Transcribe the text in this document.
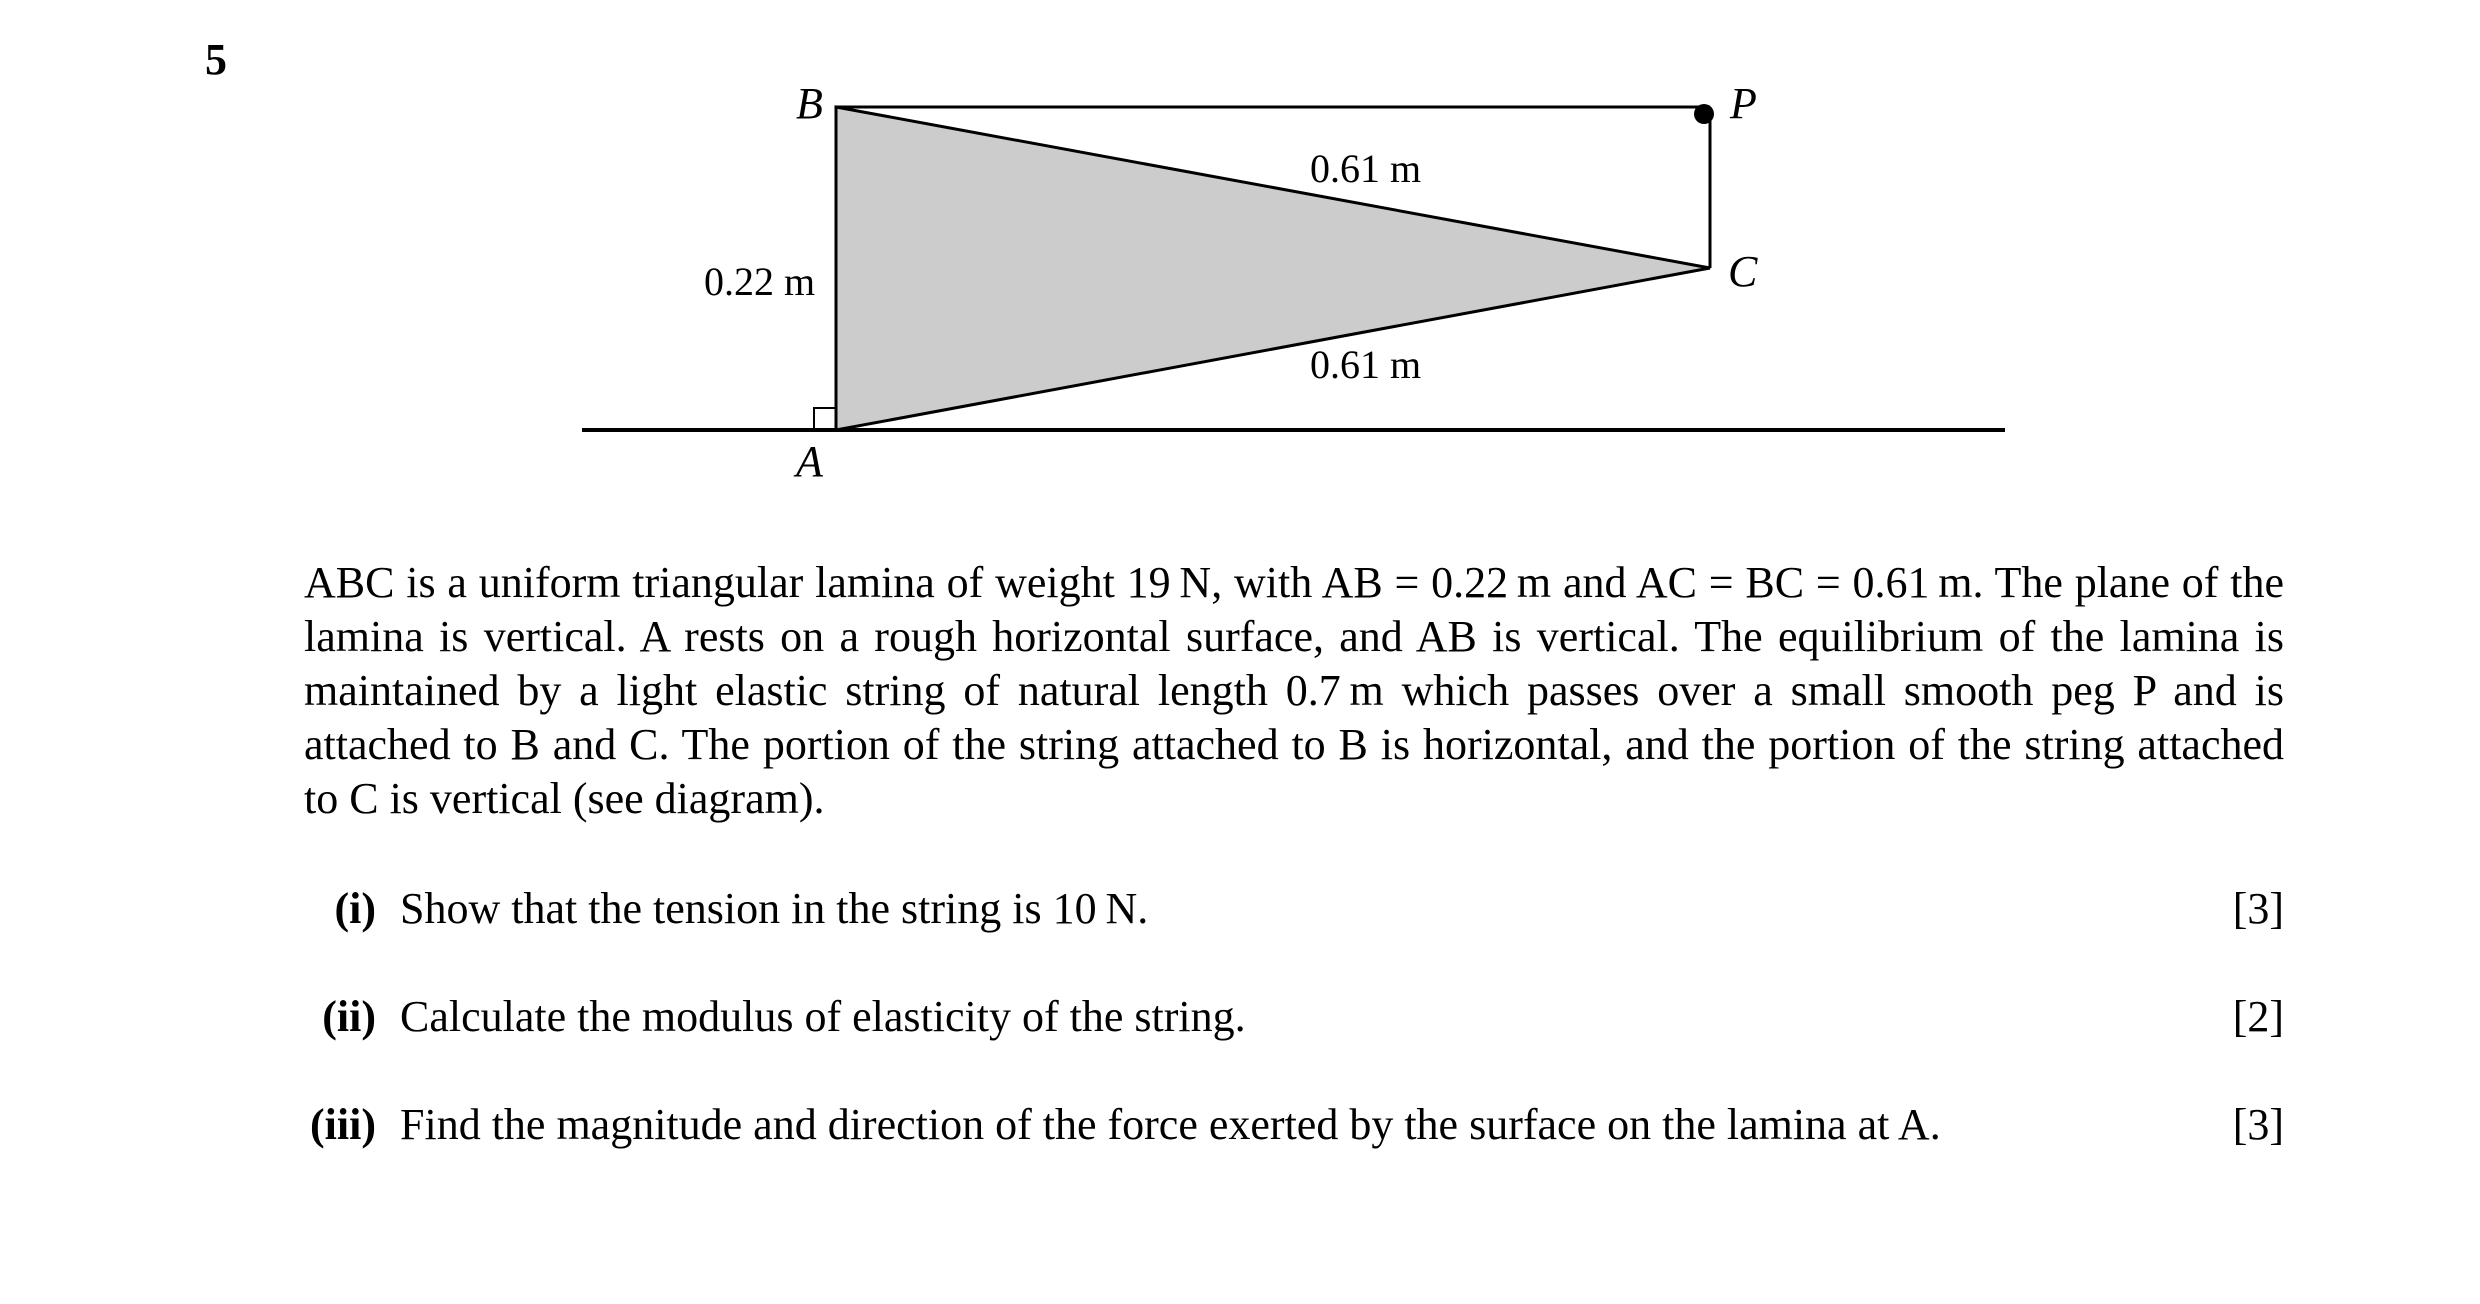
5
B	P
C
A
0.22 m
0.61 m
0.61 m
ABC is a uniform triangular lamina of weight 19 N, with AB = 0.22 m and AC = BC = 0.61 m. The plane of the lamina is vertical. A rests on a rough horizontal surface, and AB is vertical. The equilibrium of the lamina is maintained by a light elastic string of natural length 0.7 m which passes over a small smooth peg P and is attached to B and C. The portion of the string attached to B is horizontal, and the portion of the string attached to C is vertical (see diagram).
(i) Show that the tension in the string is 10 N.	[3]
(ii) Calculate the modulus of elasticity of the string.	[2]
(iii) Find the magnitude and direction of the force exerted by the surface on the lamina at A.	[3]
